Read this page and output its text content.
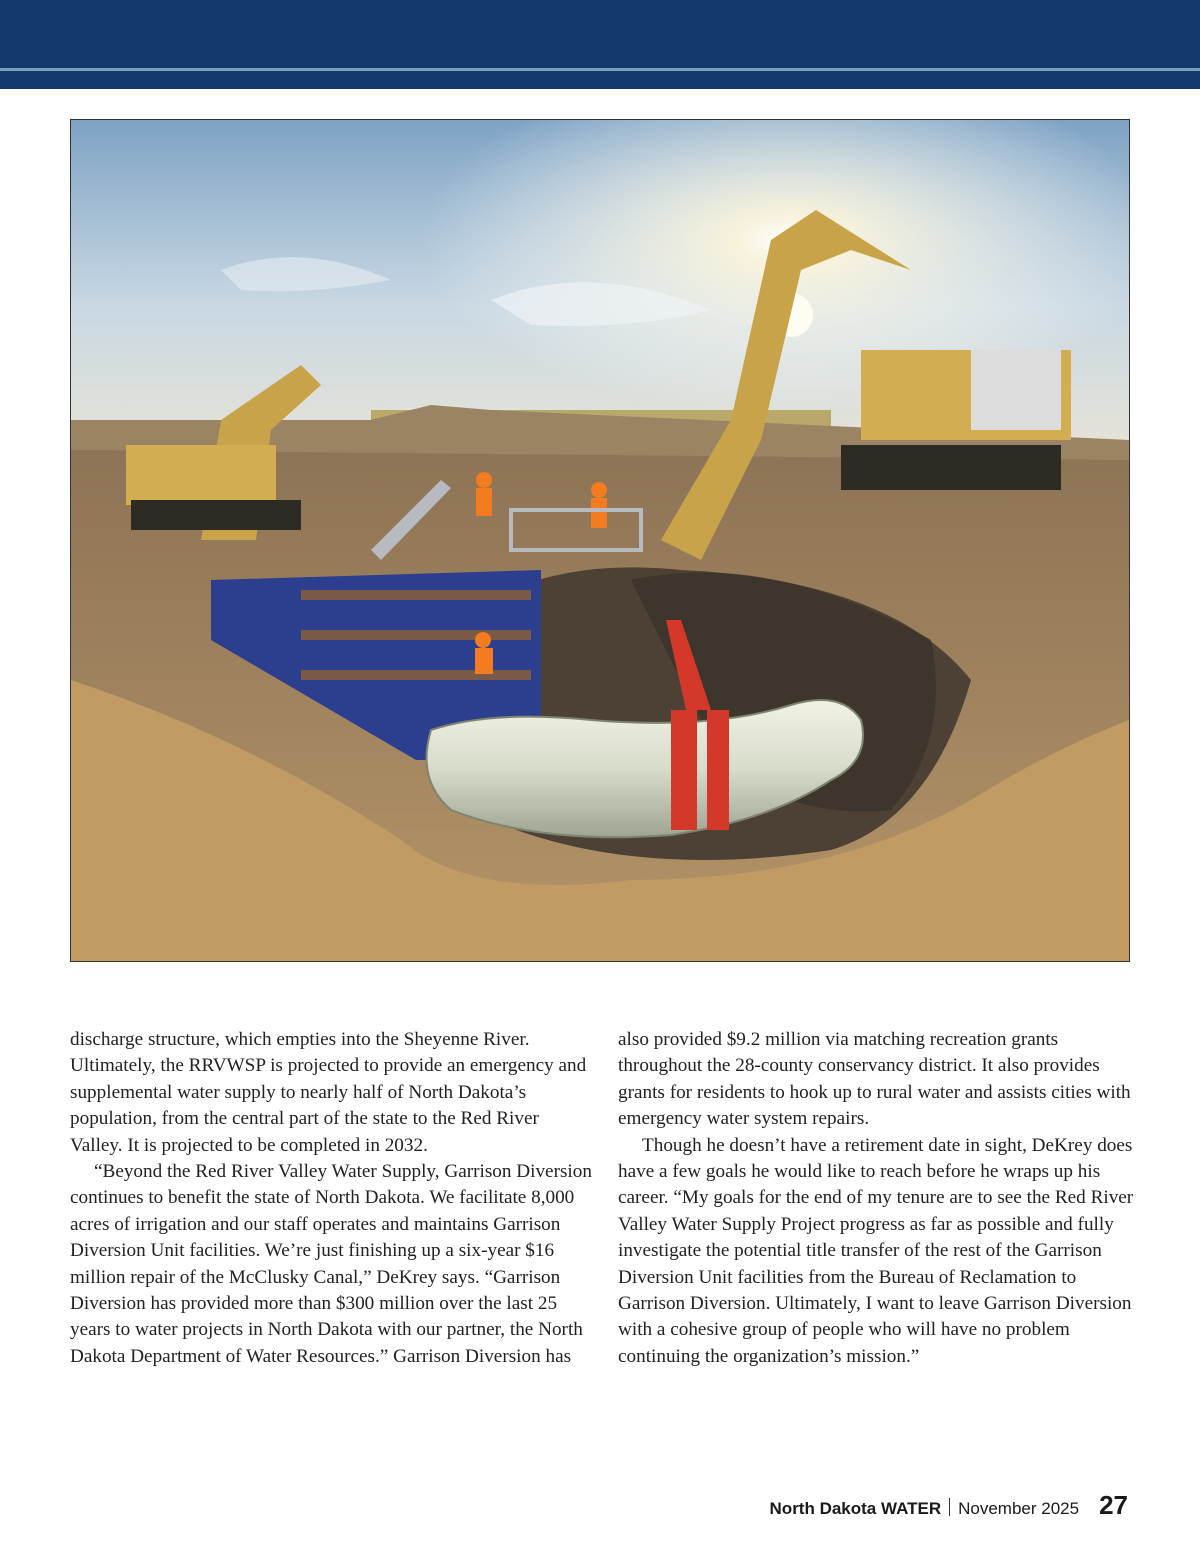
discharge structure, which empties into the Sheyenne River. Ultimately, the RRVWSP is projected to provide an emergency and supplemental water supply to nearly half of North Dakota’s population, from the central part of the state to the Red River Valley. It is projected to be completed in 2032.

“Beyond the Red River Valley Water Supply, Garrison Diversion continues to benefit the state of North Dakota. We facilitate 8,000 acres of irrigation and our staff operates and maintains Garrison Diversion Unit facilities. We’re just finishing up a six-year $16 million repair of the McClusky Canal,” DeKrey says. “Garrison Diversion has provided more than $300 million over the last 25 years to water projects in North Dakota with our partner, the North Dakota Department of Water Resources.” Garrison Diversion has

also provided $9.2 million via matching recreation grants throughout the 28-county conservancy district. It also provides grants for residents to hook up to rural water and assists cities with emergency water system repairs.

Though he doesn’t have a retirement date in sight, DeKrey does have a few goals he would like to reach before he wraps up his career. “My goals for the end of my tenure are to see the Red River Valley Water Supply Project progress as far as possible and fully investigate the potential title transfer of the rest of the Garrison Diversion Unit facilities from the Bureau of Reclamation to Garrison Diversion. Ultimately, I want to leave Garrison Diversion with a cohesive group of people who will have no problem continuing the organization’s mission.”

North Dakota WATER November 2025 27
